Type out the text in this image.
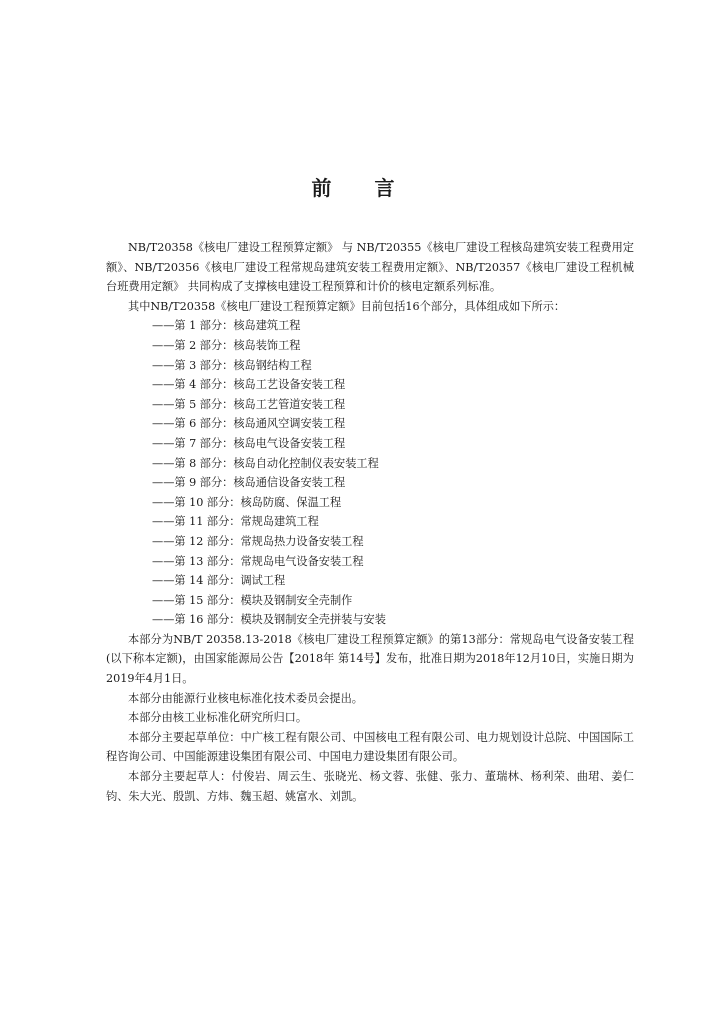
前 言

NB/T20358《核电厂建设工程预算定额》 与 NB/T20355《核电厂建设工程核岛建筑安装工程费用定额》、NB/T20356《核电厂建设工程常规岛建筑安装工程费用定额》、NB/T20357《核电厂建设工程机械台班费用定额》 共同构成了支撑核电建设工程预算和计价的核电定额系列标准。

其中NB/T20358《核电厂建设工程预算定额》目前包括16个部分，具体组成如下所示：

——第 1 部分：核岛建筑工程
——第 2 部分：核岛装饰工程
——第 3 部分：核岛钢结构工程
——第 4 部分：核岛工艺设备安装工程
——第 5 部分：核岛工艺管道安装工程
——第 6 部分：核岛通风空调安装工程
——第 7 部分：核岛电气设备安装工程
——第 8 部分：核岛自动化控制仪表安装工程
——第 9 部分：核岛通信设备安装工程
——第 10 部分：核岛防腐、保温工程
——第 11 部分：常规岛建筑工程
——第 12 部分：常规岛热力设备安装工程
——第 13 部分：常规岛电气设备安装工程
——第 14 部分：调试工程
——第 15 部分：模块及钢制安全壳制作
——第 16 部分：模块及钢制安全壳拼装与安装

本部分为NB/T 20358.13-2018《核电厂建设工程预算定额》的第13部分：常规岛电气设备安装工程(以下称本定额)，由国家能源局公告【2018年 第14号】发布，批准日期为2018年12月10日，实施日期为2019年4月1日。

本部分由能源行业核电标准化技术委员会提出。

本部分由核工业标准化研究所归口。

本部分主要起草单位：中广核工程有限公司、中国核电工程有限公司、电力规划设计总院、中国国际工程咨询公司、中国能源建设集团有限公司、中国电力建设集团有限公司。

本部分主要起草人：付俊岩、周云生、张晓光、杨文蓉、张健、张力、董瑞林、杨利荣、曲珺、姜仁钧、朱大光、殷凯、方炜、魏玉超、姚富水、刘凯。
